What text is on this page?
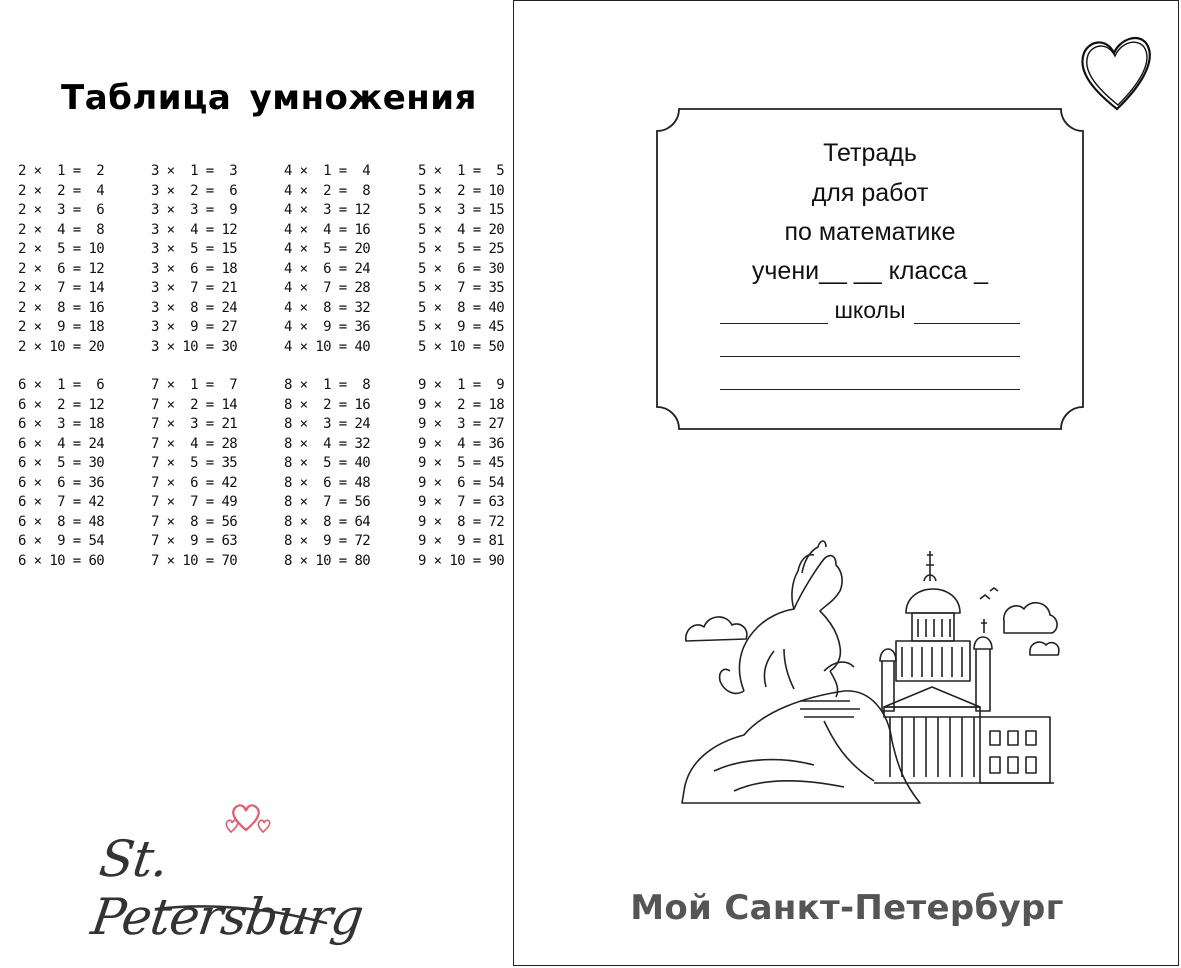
Таблица умножения
2 ×  1 =  2
2 ×  2 =  4
2 ×  3 =  6
2 ×  4 =  8
2 ×  5 = 10
2 ×  6 = 12
2 ×  7 = 14
2 ×  8 = 16
2 ×  9 = 18
2 × 10 = 20
3 ×  1 =  3
3 ×  2 =  6
3 ×  3 =  9
3 ×  4 = 12
3 ×  5 = 15
3 ×  6 = 18
3 ×  7 = 21
3 ×  8 = 24
3 ×  9 = 27
3 × 10 = 30
4 ×  1 =  4
4 ×  2 =  8
4 ×  3 = 12
4 ×  4 = 16
4 ×  5 = 20
4 ×  6 = 24
4 ×  7 = 28
4 ×  8 = 32
4 ×  9 = 36
4 × 10 = 40
5 ×  1 =  5
5 ×  2 = 10
5 ×  3 = 15
5 ×  4 = 20
5 ×  5 = 25
5 ×  6 = 30
5 ×  7 = 35
5 ×  8 = 40
5 ×  9 = 45
5 × 10 = 50
6 ×  1 =  6
6 ×  2 = 12
6 ×  3 = 18
6 ×  4 = 24
6 ×  5 = 30
6 ×  6 = 36
6 ×  7 = 42
6 ×  8 = 48
6 ×  9 = 54
6 × 10 = 60
7 ×  1 =  7
7 ×  2 = 14
7 ×  3 = 21
7 ×  4 = 28
7 ×  5 = 35
7 ×  6 = 42
7 ×  7 = 49
7 ×  8 = 56
7 ×  9 = 63
7 × 10 = 70
8 ×  1 =  8
8 ×  2 = 16
8 ×  3 = 24
8 ×  4 = 32
8 ×  5 = 40
8 ×  6 = 48
8 ×  7 = 56
8 ×  8 = 64
8 ×  9 = 72
8 × 10 = 80
9 ×  1 =  9
9 ×  2 = 18
9 ×  3 = 27
9 ×  4 = 36
9 ×  5 = 45
9 ×  6 = 54
9 ×  7 = 63
9 ×  8 = 72
9 ×  9 = 81
9 × 10 = 90
St. Petersburg
Тетрадь
для работ
по математике
учени__ __ класса _
школы
Мой Санкт-Петербург
